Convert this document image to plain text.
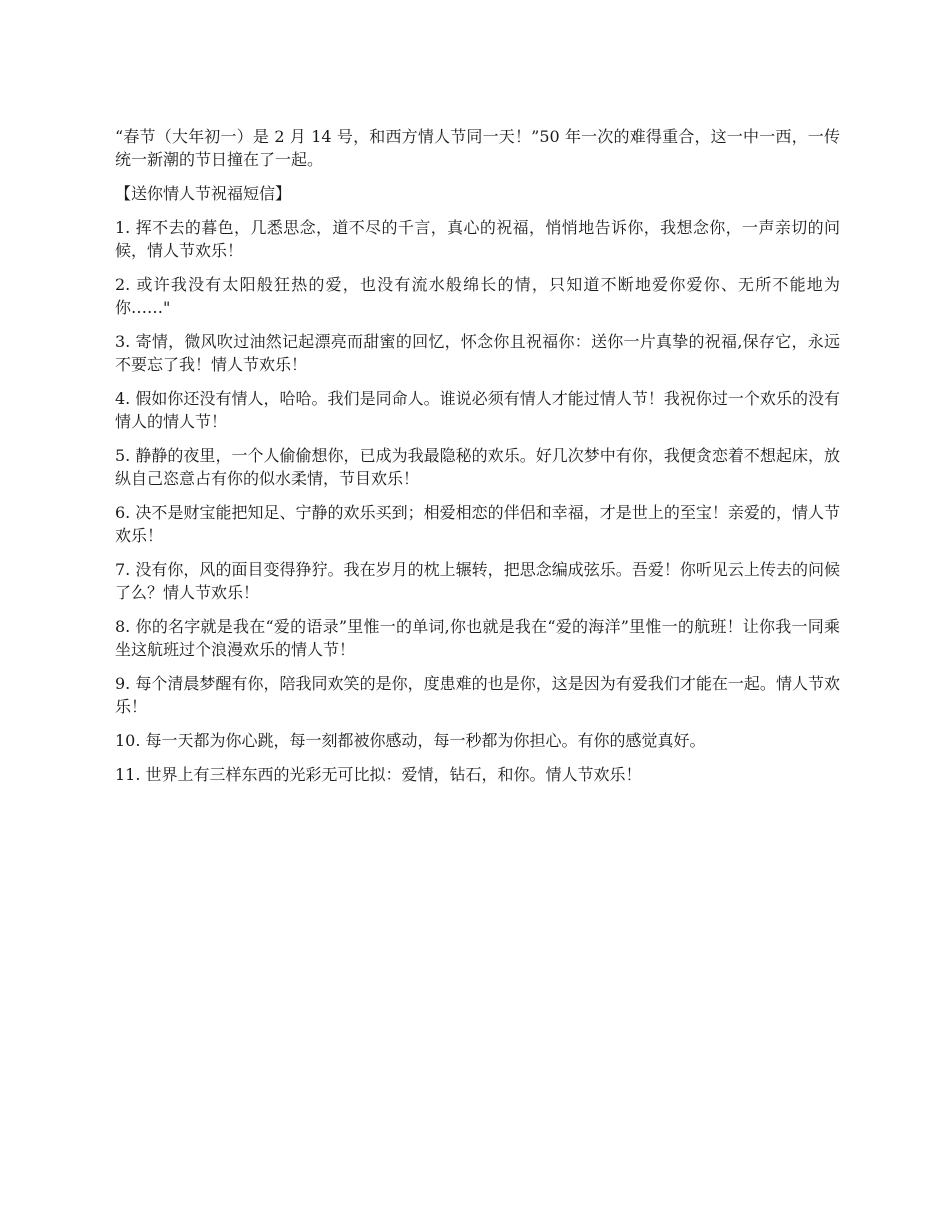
“春节（大年初一）是 2 月 14 号，和西方情人节同一天！”50 年一次的难得重合，这一中一西，一传统一新潮的节日撞在了一起。

【送你情人节祝福短信】

1. 挥不去的暮色，几悉思念，道不尽的千言，真心的祝福，悄悄地告诉你，我想念你，一声亲切的问候，情人节欢乐！

2. 或许我没有太阳般狂热的爱，也没有流水般绵长的情，只知道不断地爱你爱你、无所不能地为你……"

3. 寄情，微风吹过油然记起漂亮而甜蜜的回忆，怀念你且祝福你：送你一片真挚的祝福,保存它，永远不要忘了我！情人节欢乐！

4. 假如你还没有情人，哈哈。我们是同命人。谁说必须有情人才能过情人节！我祝你过一个欢乐的没有情人的情人节！

5. 静静的夜里，一个人偷偷想你，已成为我最隐秘的欢乐。好几次梦中有你，我便贪恋着不想起床，放纵自己恣意占有你的似水柔情，节目欢乐！

6. 决不是财宝能把知足、宁静的欢乐买到；相爱相恋的伴侣和幸福，才是世上的至宝！亲爱的，情人节欢乐！

7. 没有你，风的面目变得狰狞。我在岁月的枕上辗转，把思念编成弦乐。吾爱！你听见云上传去的问候了么？情人节欢乐！

8. 你的名字就是我在“爱的语录”里惟一的单词,你也就是我在“爱的海洋”里惟一的航班！让你我一同乘坐这航班过个浪漫欢乐的情人节！

9. 每个清晨梦醒有你，陪我同欢笑的是你，度患难的也是你，这是因为有爱我们才能在一起。情人节欢乐！

10. 每一天都为你心跳，每一刻都被你感动，每一秒都为你担心。有你的感觉真好。

11. 世界上有三样东西的光彩无可比拟：爱情，钻石，和你。情人节欢乐！
